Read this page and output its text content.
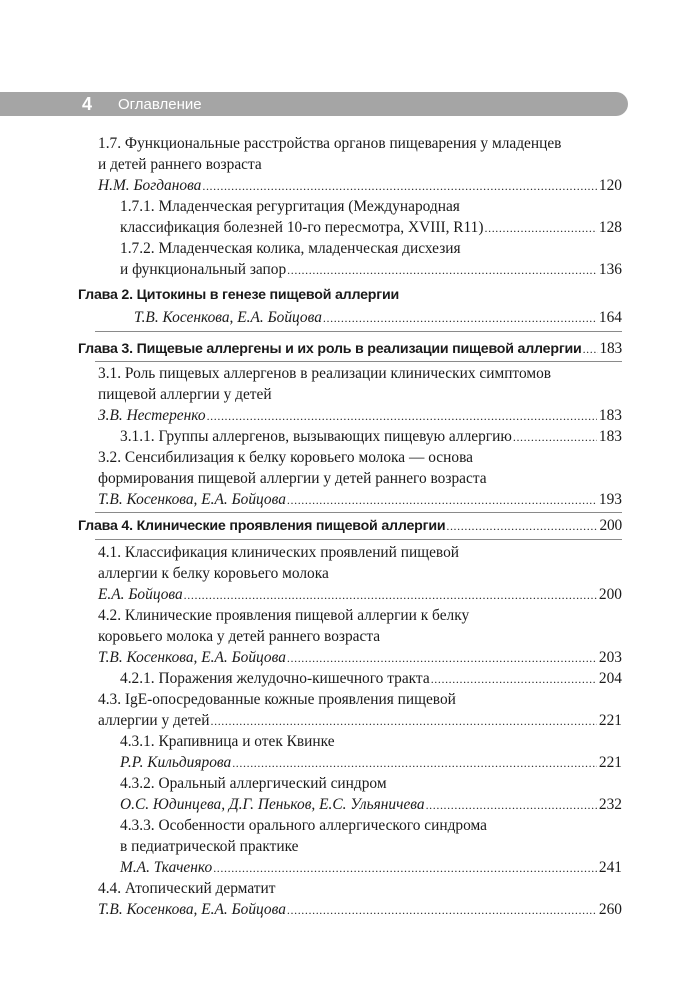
4 Оглавление
1.7. Функциональные расстройства органов пищеварения у младенцев
и детей раннего возраста
Н.М. Богданова .....	120
1.7.1. Младенческая регургитация (Международная
классификация болезней 10-го пересмотра, XVIII, R11) .....	128
1.7.2. Младенческая колика, младенческая дисхезия
и функциональный запор .....	136
Глава 2. Цитокины в генезе пищевой аллергии
Т.В. Косенкова, Е.А. Бойцова .....	164
Глава 3. Пищевые аллергены и их роль в реализации пищевой аллергии ..... 183
3.1. Роль пищевых аллергенов в реализации клинических симптомов
пищевой аллергии у детей
З.В. Нестеренко .....	183
3.1.1. Группы аллергенов, вызывающих пищевую аллергию .....	183
3.2. Сенсибилизация к белку коровьего молока — основа
формирования пищевой аллергии у детей раннего возраста
Т.В. Косенкова, Е.А. Бойцова .....	193
Глава 4. Клинические проявления пищевой аллергии .....	200
4.1. Классификация клинических проявлений пищевой
аллергии к белку коровьего молока
Е.А. Бойцова .....	200
4.2. Клинические проявления пищевой аллергии к белку
коровьего молока у детей раннего возраста
Т.В. Косенкова, Е.А. Бойцова .....	203
4.2.1. Поражения желудочно-кишечного тракта .....	204
4.3. IgE-опосредованные кожные проявления пищевой
аллергии у детей .....	221
4.3.1. Крапивница и отек Квинке
Р.Р. Кильдиярова .....	221
4.3.2. Оральный аллергический синдром
О.С. Юдинцева, Д.Г. Пеньков, Е.С. Ульяничева .....	232
4.3.3. Особенности орального аллергического синдрома
в педиатрической практике
М.А. Ткаченко .....	241
4.4. Атопический дерматит
Т.В. Косенкова, Е.А. Бойцова .....	260
